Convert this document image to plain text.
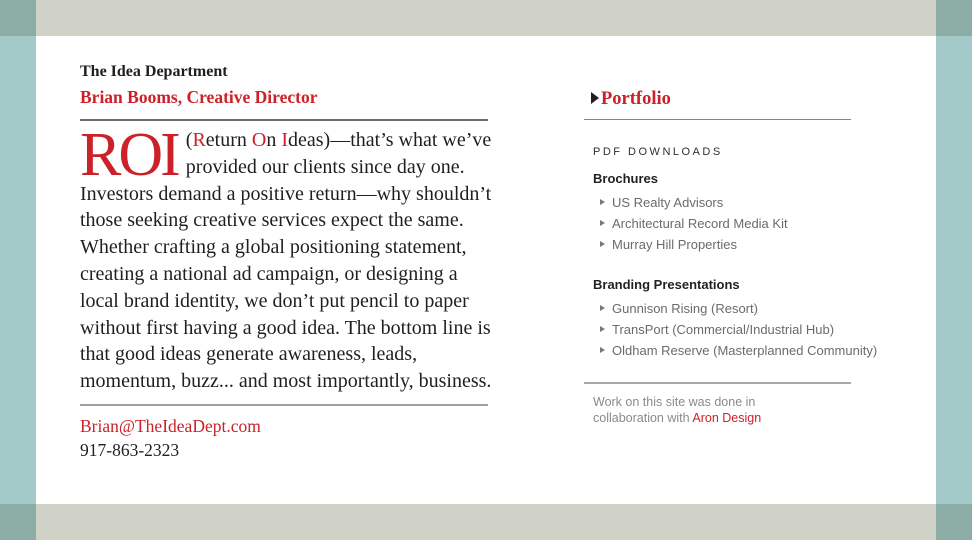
The Idea Department
Brian Booms, Creative Director

ROI (Return On Ideas)—that’s what we’ve provided our clients since day one. Investors demand a positive return—why shouldn’t those seeking creative services expect the same. Whether crafting a global positioning statement, creating a national ad campaign, or designing a local brand identity, we don’t put pencil to paper without first having a good idea. The bottom line is that good ideas generate awareness, leads, momentum, buzz... and most importantly, business.

Brian@TheIdeaDept.com
917-863-2323
Portfolio
PDF DOWNLOADS
Brochures
US Realty Advisors
Architectural Record Media Kit
Murray Hill Properties
Branding Presentations
Gunnison Rising (Resort)
TransPort (Commercial/Industrial Hub)
Oldham Reserve (Masterplanned Community)
Work on this site was done in
collaboration with Aron Design
